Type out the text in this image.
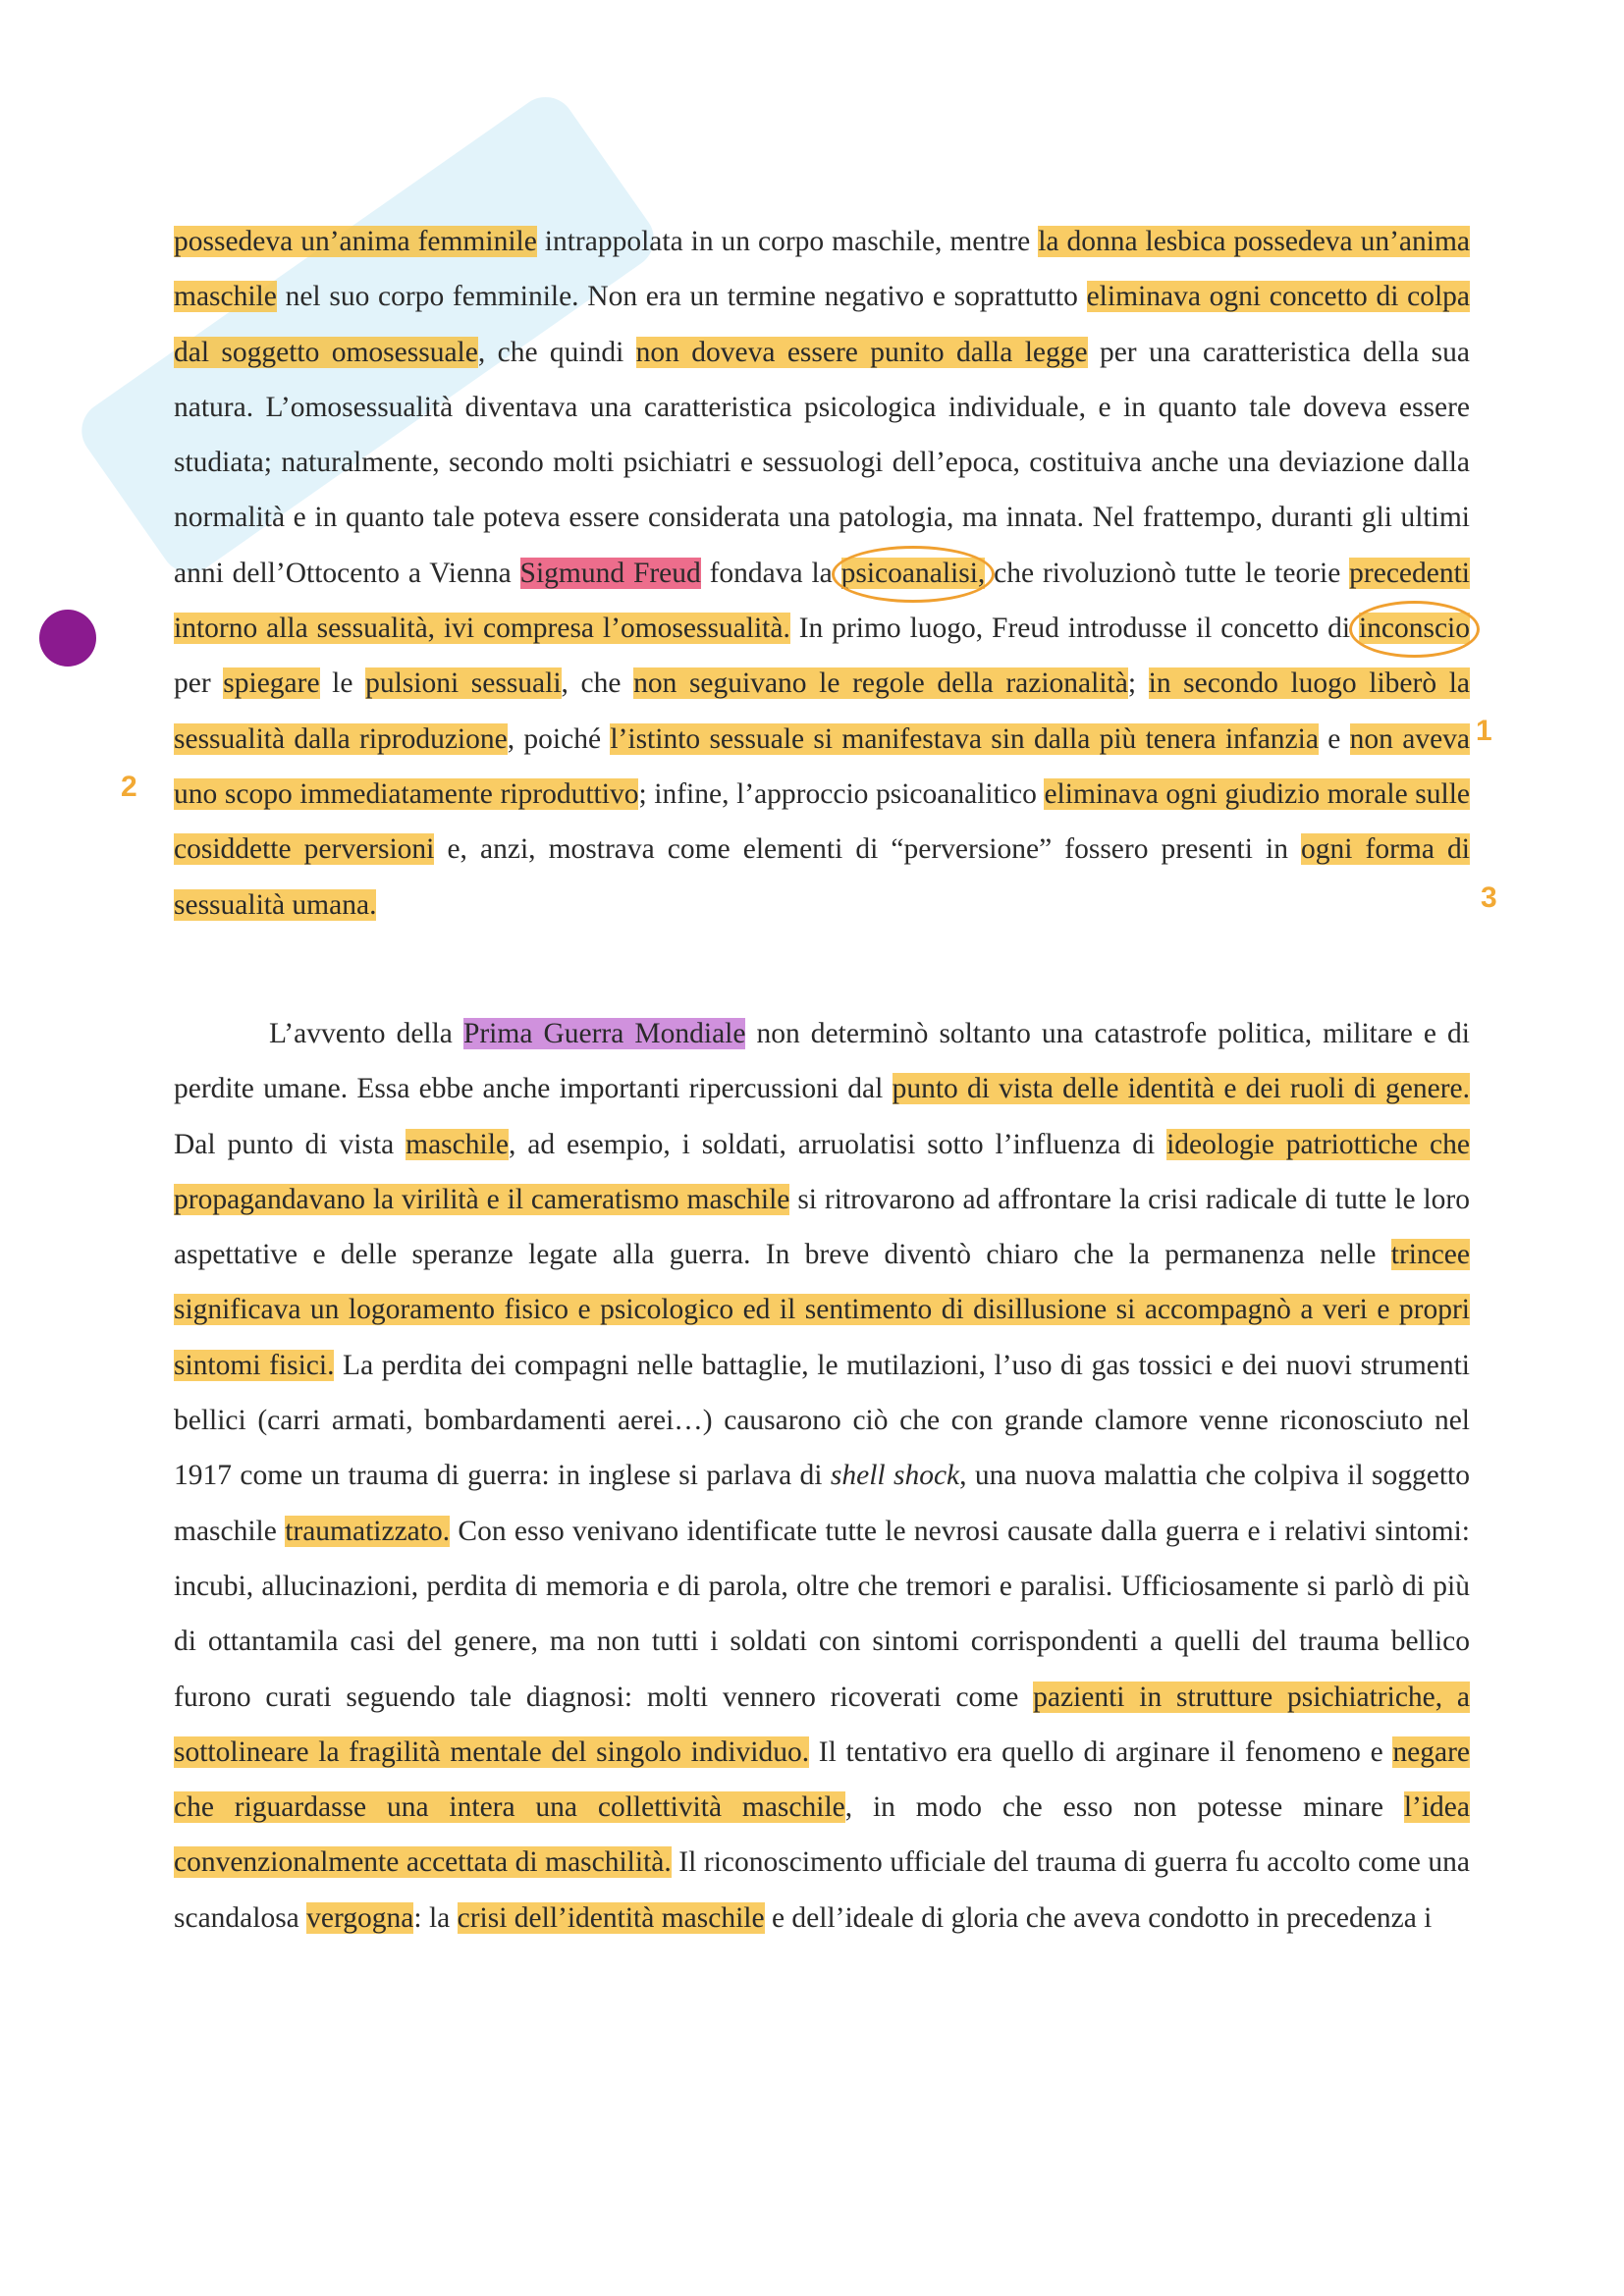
1
2
3

possedeva un’anima femminile intrappolata in un corpo maschile, mentre la donna lesbica possedeva un’anima maschile nel suo corpo femminile. Non era un termine negativo e soprattutto eliminava ogni concetto di colpa dal soggetto omosessuale, che quindi non doveva essere punito dalla legge per una caratteristica della sua natura. L’omosessualità diventava una caratteristica psicologica individuale, e in quanto tale doveva essere studiata; naturalmente, secondo molti psichiatri e sessuologi dell’epoca, costituiva anche una deviazione dalla normalità e in quanto tale poteva essere considerata una patologia, ma innata. Nel frattempo, duranti gli ultimi anni dell’Ottocento a Vienna Sigmund Freud fondava la psicoanalisi, che rivoluzionò tutte le teorie precedenti intorno alla sessualità, ivi compresa l’omosessualità. In primo luogo, Freud introdusse il concetto di inconscio per spiegare le pulsioni sessuali, che non seguivano le regole della razionalità; in secondo luogo liberò la sessualità dalla riproduzione, poiché l’istinto sessuale si manifestava sin dalla più tenera infanzia e non aveva uno scopo immediatamente riproduttivo; infine, l’approccio psicoanalitico eliminava ogni giudizio morale sulle cosiddette perversioni e, anzi, mostrava come elementi di “perversione” fossero presenti in ogni forma di sessualità umana.

L’avvento della Prima Guerra Mondiale non determinò soltanto una catastrofe politica, militare e di perdite umane. Essa ebbe anche importanti ripercussioni dal punto di vista delle identità e dei ruoli di genere. Dal punto di vista maschile, ad esempio, i soldati, arruolatisi sotto l’influenza di ideologie patriottiche che propagandavano la virilità e il cameratismo maschile si ritrovarono ad affrontare la crisi radicale di tutte le loro aspettative e delle speranze legate alla guerra. In breve diventò chiaro che la permanenza nelle trincee significava un logoramento fisico e psicologico ed il sentimento di disillusione si accompagnò a veri e propri sintomi fisici. La perdita dei compagni nelle battaglie, le mutilazioni, l’uso di gas tossici e dei nuovi strumenti bellici (carri armati, bombardamenti aerei…) causarono ciò che con grande clamore venne riconosciuto nel 1917 come un trauma di guerra: in inglese si parlava di shell shock, una nuova malattia che colpiva il soggetto maschile traumatizzato. Con esso venivano identificate tutte le nevrosi causate dalla guerra e i relativi sintomi: incubi, allucinazioni, perdita di memoria e di parola, oltre che tremori e paralisi. Ufficiosamente si parlò di più di ottantamila casi del genere, ma non tutti i soldati con sintomi corrispondenti a quelli del trauma bellico furono curati seguendo tale diagnosi: molti vennero ricoverati come pazienti in strutture psichiatriche, a sottolineare la fragilità mentale del singolo individuo. Il tentativo era quello di arginare il fenomeno e negare che riguardasse una intera una collettività maschile, in modo che esso non potesse minare l’idea convenzionalmente accettata di maschilità. Il riconoscimento ufficiale del trauma di guerra fu accolto come una scandalosa vergogna: la crisi dell’identità maschile e dell’ideale di gloria che aveva condotto in precedenza i
